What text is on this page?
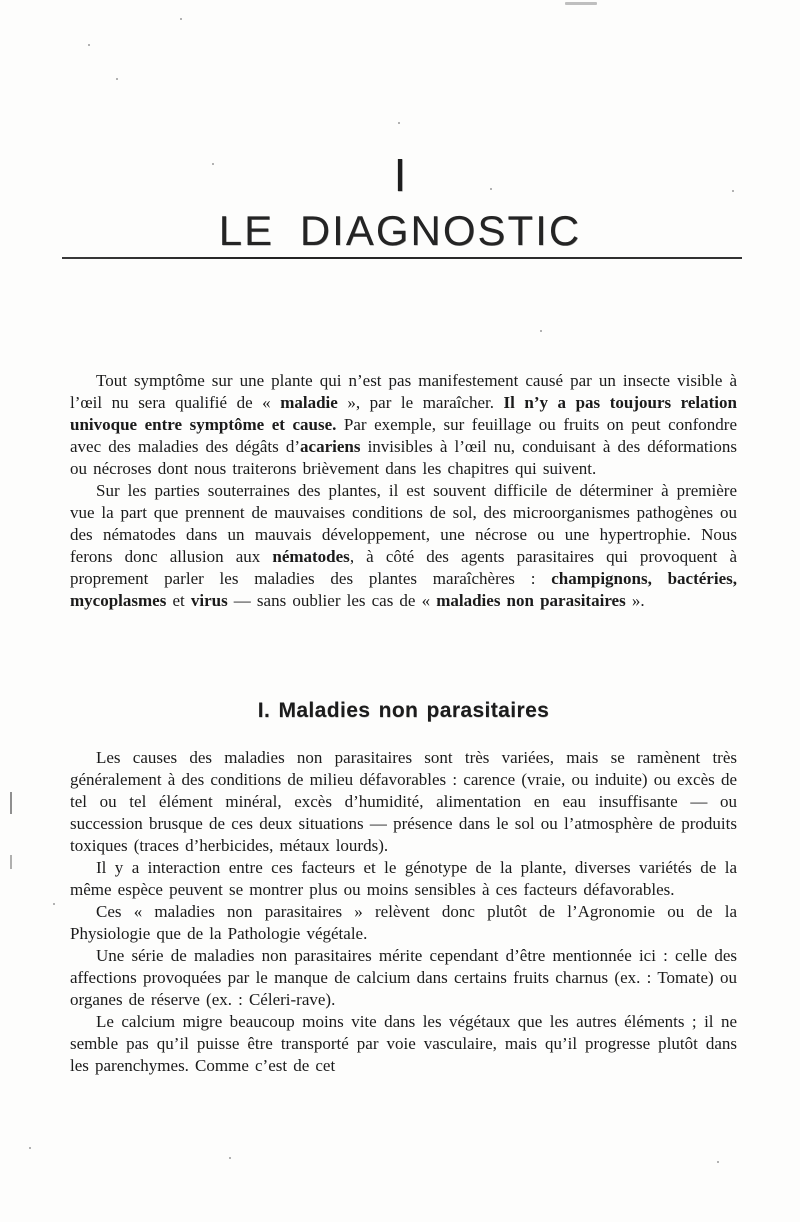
I
LE DIAGNOSTIC

Tout symptôme sur une plante qui n’est pas manifestement causé par un insecte visible à l’œil nu sera qualifié de « maladie », par le maraîcher. Il n’y a pas toujours relation univoque entre symptôme et cause. Par exemple, sur feuillage ou fruits on peut confondre avec des maladies des dégâts d’acariens invisibles à l’œil nu, conduisant à des déformations ou nécroses dont nous traiterons brièvement dans les chapitres qui suivent.

Sur les parties souterraines des plantes, il est souvent difficile de déterminer à première vue la part que prennent de mauvaises conditions de sol, des microorganismes pathogènes ou des nématodes dans un mauvais développement, une nécrose ou une hypertrophie. Nous ferons donc allusion aux nématodes, à côté des agents parasitaires qui provoquent à proprement parler les maladies des plantes maraîchères : champignons, bactéries, mycoplasmes et virus — sans oublier les cas de « maladies non parasitaires ».

I. Maladies non parasitaires

Les causes des maladies non parasitaires sont très variées, mais se ramènent très généralement à des conditions de milieu défavorables : carence (vraie, ou induite) ou excès de tel ou tel élément minéral, excès d’humidité, alimentation en eau insuffisante — ou succession brusque de ces deux situations — présence dans le sol ou l’atmosphère de produits toxiques (traces d’herbicides, métaux lourds).

Il y a interaction entre ces facteurs et le génotype de la plante, diverses variétés de la même espèce peuvent se montrer plus ou moins sensibles à ces facteurs défavorables.

Ces « maladies non parasitaires » relèvent donc plutôt de l’Agronomie ou de la Physiologie que de la Pathologie végétale.

Une série de maladies non parasitaires mérite cependant d’être mentionnée ici : celle des affections provoquées par le manque de calcium dans certains fruits charnus (ex. : Tomate) ou organes de réserve (ex. : Céleri-rave).

Le calcium migre beaucoup moins vite dans les végétaux que les autres éléments ; il ne semble pas qu’il puisse être transporté par voie vasculaire, mais qu’il progresse plutôt dans les parenchymes. Comme c’est de cet
